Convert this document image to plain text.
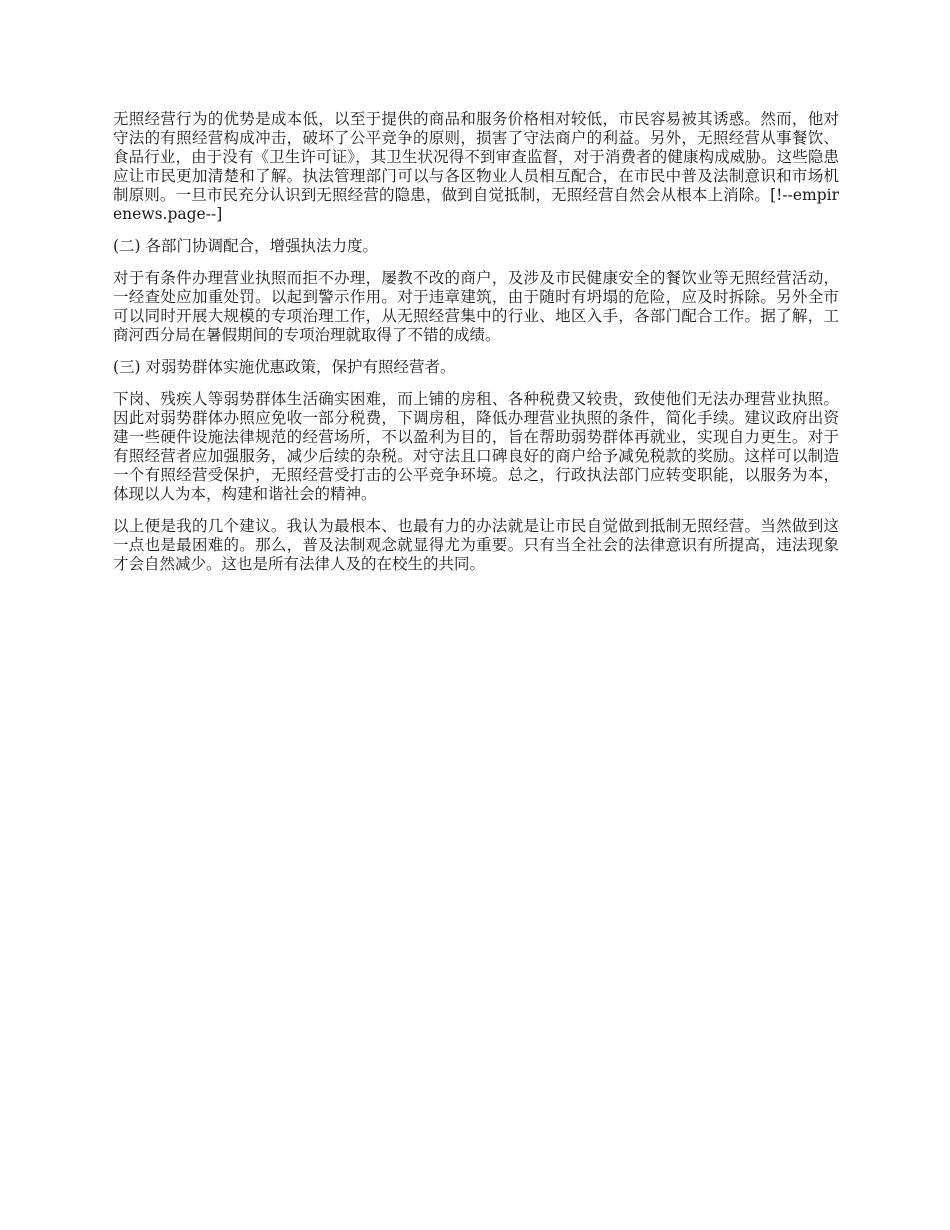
无照经营行为的优势是成本低，以至于提供的商品和服务价格相对较低，市民容易被其诱惑。然而，他对守法的有照经营构成冲击，破坏了公平竞争的原则，损害了守法商户的利益。另外，无照经营从事餐饮、食品行业，由于没有《卫生许可证》，其卫生状况得不到审查监督，对于消费者的健康构成威胁。这些隐患应让市民更加清楚和了解。执法管理部门可以与各区物业人员相互配合，在市民中普及法制意识和市场机制原则。一旦市民充分认识到无照经营的隐患，做到自觉抵制，无照经营自然会从根本上消除。[!--empirenews.page--]

(二) 各部门协调配合，增强执法力度。

对于有条件办理营业执照而拒不办理，屡教不改的商户，及涉及市民健康安全的餐饮业等无照经营活动，一经查处应加重处罚。以起到警示作用。对于违章建筑，由于随时有坍塌的危险，应及时拆除。另外全市可以同时开展大规模的专项治理工作，从无照经营集中的行业、地区入手，各部门配合工作。据了解，工商河西分局在暑假期间的专项治理就取得了不错的成绩。

(三) 对弱势群体实施优惠政策，保护有照经营者。

下岗、残疾人等弱势群体生活确实困难，而上铺的房租、各种税费又较贵，致使他们无法办理营业执照。因此对弱势群体办照应免收一部分税费，下调房租，降低办理营业执照的条件，简化手续。建议政府出资建一些硬件设施法律规范的经营场所，不以盈利为目的，旨在帮助弱势群体再就业，实现自力更生。对于有照经营者应加强服务，减少后续的杂税。对守法且口碑良好的商户给予减免税款的奖励。这样可以制造一个有照经营受保护，无照经营受打击的公平竞争环境。总之，行政执法部门应转变职能，以服务为本，体现以人为本，构建和谐社会的精神。

以上便是我的几个建议。我认为最根本、也最有力的办法就是让市民自觉做到抵制无照经营。当然做到这一点也是最困难的。那么，普及法制观念就显得尤为重要。只有当全社会的法律意识有所提高，违法现象才会自然减少。这也是所有法律人及的在校生的共同。
